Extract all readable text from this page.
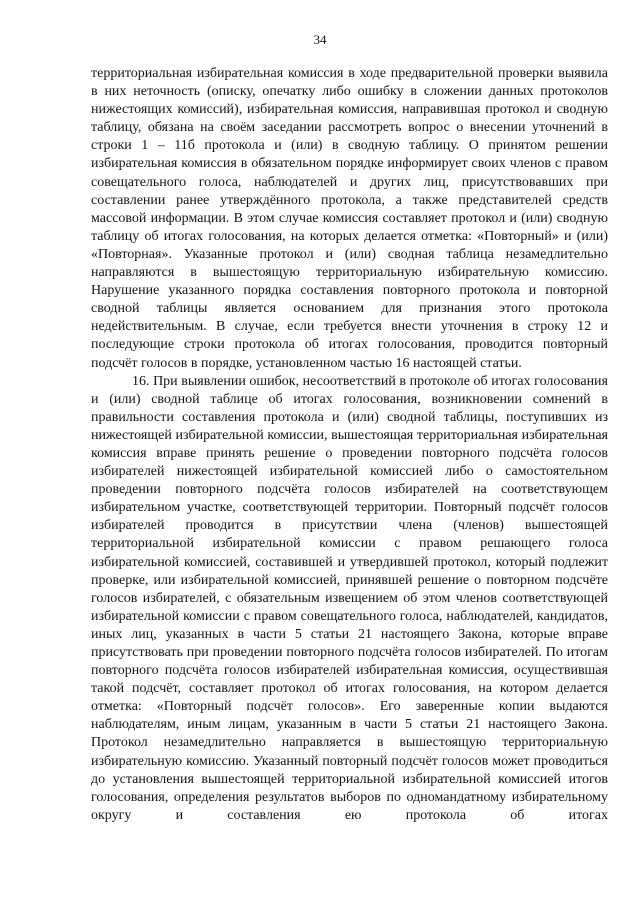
34

территориальная избирательная комиссия в ходе предварительной проверки выявила в них неточность (описку, опечатку либо ошибку в сложении данных протоколов нижестоящих комиссий), избирательная комиссия, направившая протокол и сводную таблицу, обязана на своём заседании рассмотреть вопрос о внесении уточнений в строки 1 – 11б протокола и (или) в сводную таблицу. О принятом решении избирательная комиссия в обязательном порядке информирует своих членов с правом совещательного голоса, наблюдателей и других лиц, присутствовавших при составлении ранее утверждённого протокола, а также представителей средств массовой информации. В этом случае комиссия составляет протокол и (или) сводную таблицу об итогах голосования, на которых делается отметка: «Повторный» и (или) «Повторная». Указанные протокол и (или) сводная таблица незамедлительно направляются в вышестоящую территориальную избирательную комиссию. Нарушение указанного порядка составления повторного протокола и повторной сводной таблицы является основанием для признания этого протокола недействительным. В случае, если требуется внести уточнения в строку 12 и последующие строки протокола об итогах голосования, проводится повторный подсчёт голосов в порядке, установленном частью 16 настоящей статьи.

16. При выявлении ошибок, несоответствий в протоколе об итогах голосования и (или) сводной таблице об итогах голосования, возникновении сомнений в правильности составления протокола и (или) сводной таблицы, поступивших из нижестоящей избирательной комиссии, вышестоящая территориальная избирательная комиссия вправе принять решение о проведении повторного подсчёта голосов избирателей нижестоящей избирательной комиссией либо о самостоятельном проведении повторного подсчёта голосов избирателей на соответствующем избирательном участке, соответствующей территории. Повторный подсчёт голосов избирателей проводится в присутствии члена (членов) вышестоящей территориальной избирательной комиссии с правом решающего голоса избирательной комиссией, составившей и утвердившей протокол, который подлежит проверке, или избирательной комиссией, принявшей решение о повторном подсчёте голосов избирателей, с обязательным извещением об этом членов соответствующей избирательной комиссии с правом совещательного голоса, наблюдателей, кандидатов, иных лиц, указанных в части 5 статьи 21 настоящего Закона, которые вправе присутствовать при проведении повторного подсчёта голосов избирателей. По итогам повторного подсчёта голосов избирателей избирательная комиссия, осуществившая такой подсчёт, составляет протокол об итогах голосования, на котором делается отметка: «Повторный подсчёт голосов». Его заверенные копии выдаются наблюдателям, иным лицам, указанным в части 5 статьи 21 настоящего Закона. Протокол незамедлительно направляется в вышестоящую территориальную избирательную комиссию. Указанный повторный подсчёт голосов может проводиться до установления вышестоящей территориальной избирательной комиссией итогов голосования, определения результатов выборов по одномандатному избирательному округу и составления ею протокола об итогах
